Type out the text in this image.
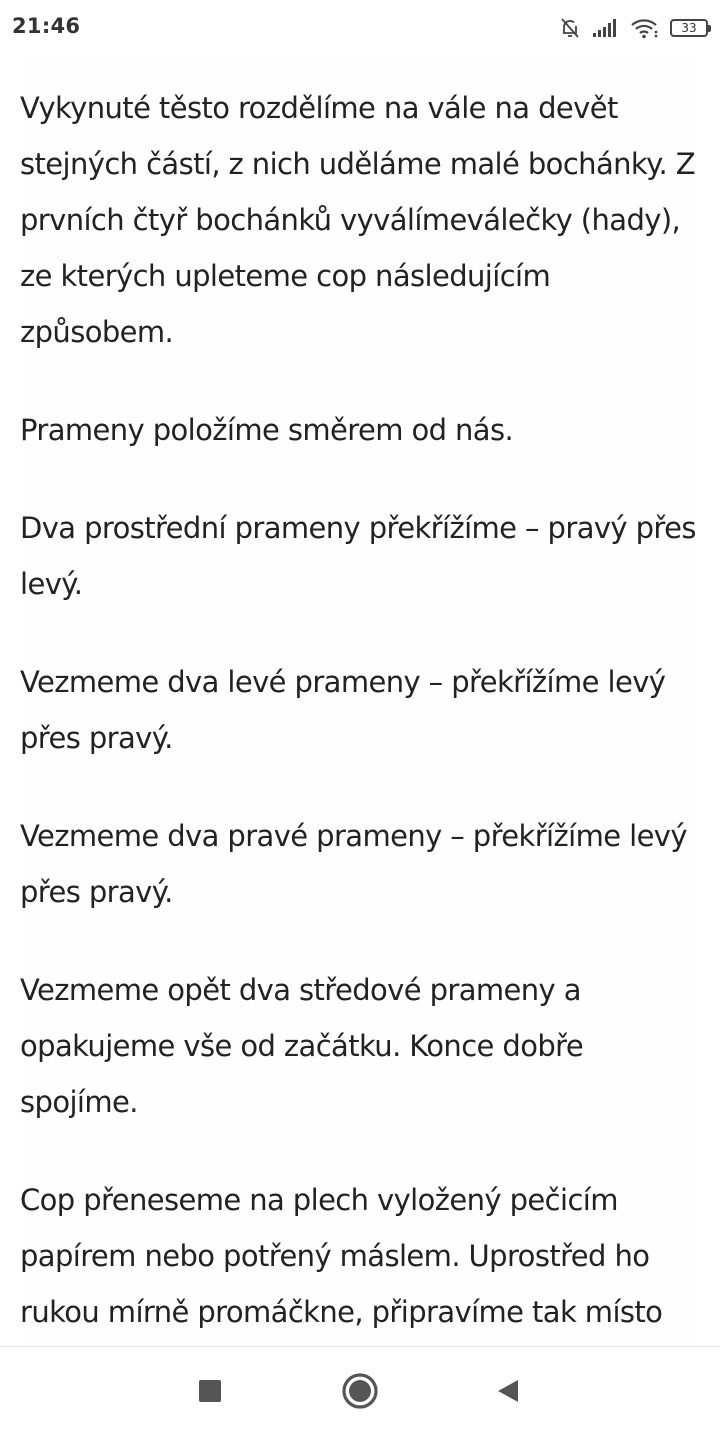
21:46	33

Vykynuté těsto rozdělíme na vále na devět stejných částí, z nich uděláme malé bochánky. Z prvních čtyř bochánků vyválímeválečky (hady), ze kterých upleteme cop následujícím způsobem.

Prameny položíme směrem od nás.

Dva prostřední prameny překřížíme – pravý přes levý.

Vezmeme dva levé prameny – překřížíme levý přes pravý.

Vezmeme dva pravé prameny – překřížíme levý přes pravý.

Vezmeme opět dva středové prameny a opakujeme vše od začátku. Konce dobře spojíme.

Cop přeneseme na plech vyložený pečicím papírem nebo potřený máslem. Uprostřed ho rukou mírně promáčkne, připravíme tak místo
